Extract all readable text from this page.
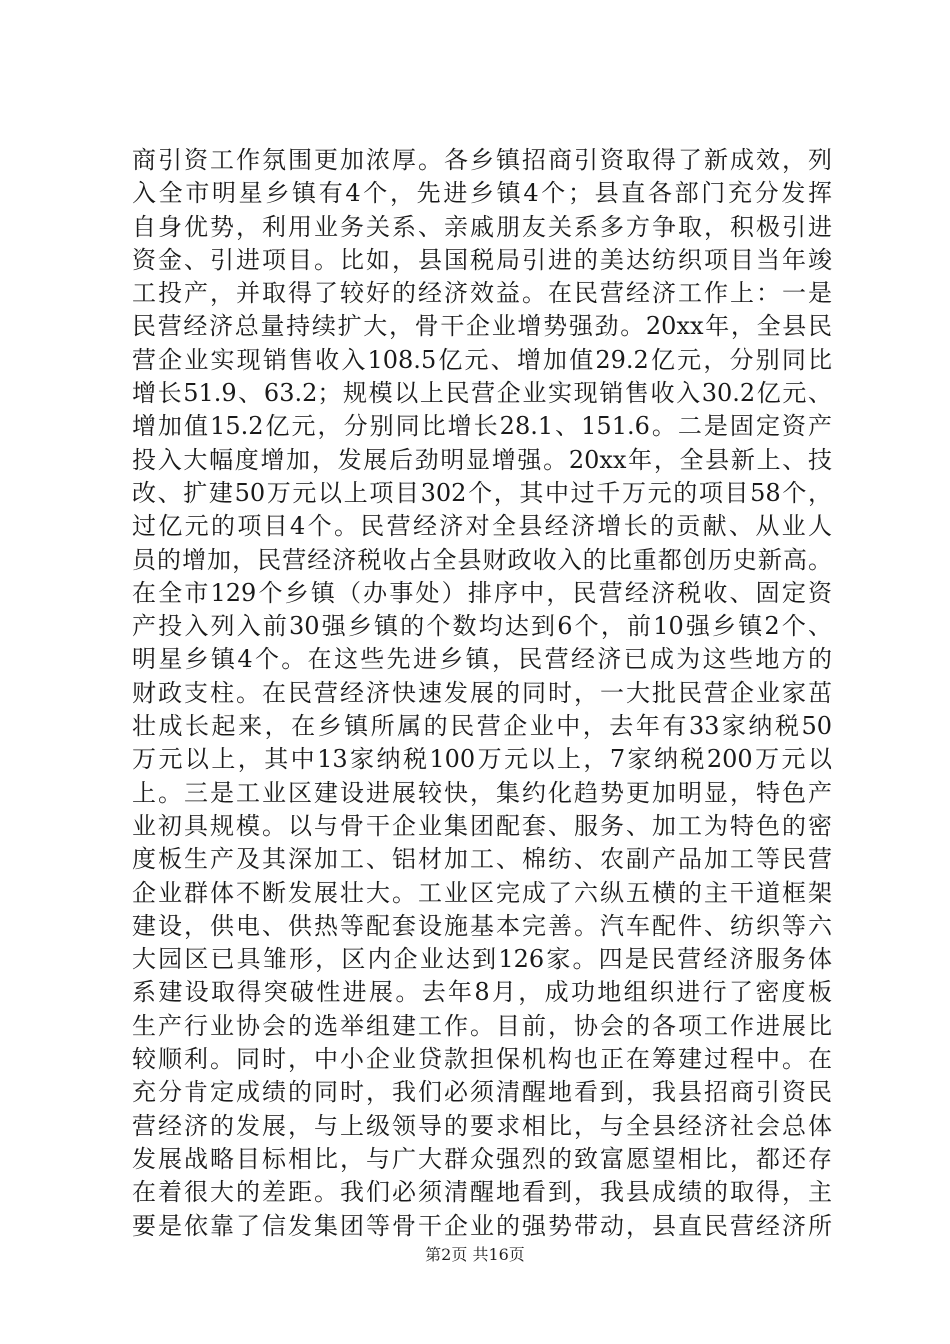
商引资工作氛围更加浓厚。各乡镇招商引资取得了新成效，列
入全市明星乡镇有4个，先进乡镇4个；县直各部门充分发挥
自身优势，利用业务关系、亲戚朋友关系多方争取，积极引进
资金、引进项目。比如，县国税局引进的美达纺织项目当年竣
工投产，并取得了较好的经济效益。在民营经济工作上：一是
民营经济总量持续扩大，骨干企业增势强劲。20xx年，全县民
营企业实现销售收入108.5亿元、增加值29.2亿元，分别同比
增长51.9、63.2；规模以上民营企业实现销售收入30.2亿元、
增加值15.2亿元，分别同比增长28.1、151.6。二是固定资产
投入大幅度增加，发展后劲明显增强。20xx年，全县新上、技
改、扩建50万元以上项目302个，其中过千万元的项目58个，
过亿元的项目4个。民营经济对全县经济增长的贡献、从业人
员的增加，民营经济税收占全县财政收入的比重都创历史新高。
在全市129个乡镇（办事处）排序中，民营经济税收、固定资
产投入列入前30强乡镇的个数均达到6个，前10强乡镇2个、
明星乡镇4个。在这些先进乡镇，民营经济已成为这些地方的
财政支柱。在民营经济快速发展的同时，一大批民营企业家茁
壮成长起来，在乡镇所属的民营企业中，去年有33家纳税50
万元以上，其中13家纳税100万元以上，7家纳税200万元以
上。三是工业区建设进展较快，集约化趋势更加明显，特色产
业初具规模。以与骨干企业集团配套、服务、加工为特色的密
度板生产及其深加工、铝材加工、棉纺、农副产品加工等民营
企业群体不断发展壮大。工业区完成了六纵五横的主干道框架
建设，供电、供热等配套设施基本完善。汽车配件、纺织等六
大园区已具雏形，区内企业达到126家。四是民营经济服务体
系建设取得突破性进展。去年8月，成功地组织进行了密度板
生产行业协会的选举组建工作。目前，协会的各项工作进展比
较顺利。同时，中小企业贷款担保机构也正在筹建过程中。在
充分肯定成绩的同时，我们必须清醒地看到，我县招商引资民
营经济的发展，与上级领导的要求相比，与全县经济社会总体
发展战略目标相比，与广大群众强烈的致富愿望相比，都还存
在着很大的差距。我们必须清醒地看到，我县成绩的取得，主
要是依靠了信发集团等骨干企业的强势带动，县直民营经济所
第2页 共16页
